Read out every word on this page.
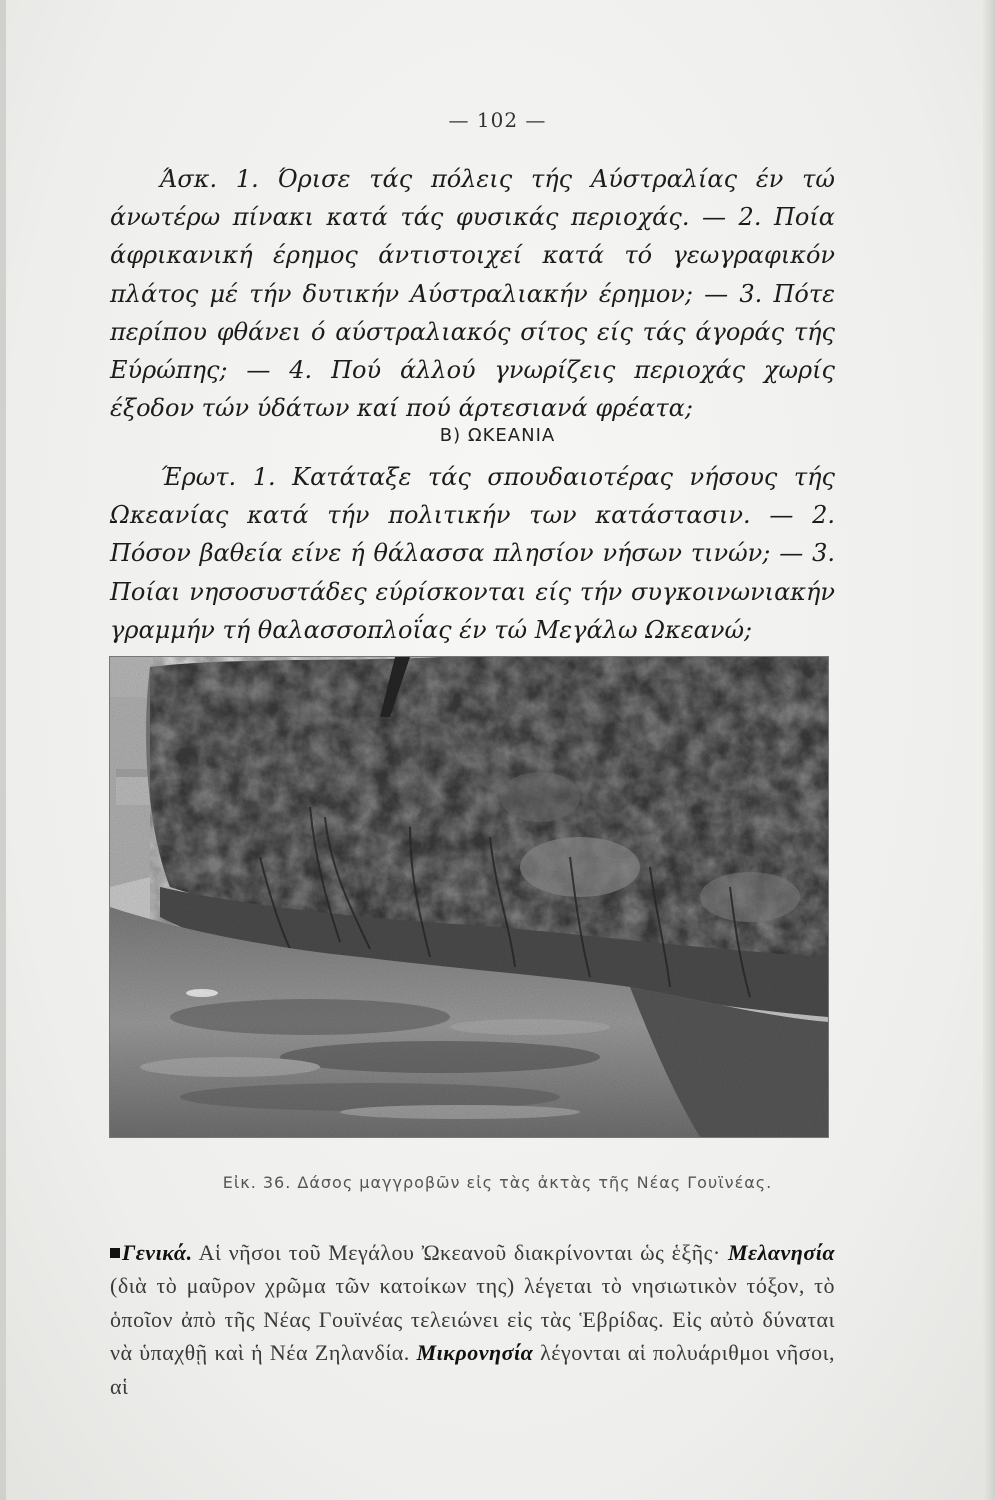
— 102 —

Άσκ. 1. Όρισε τάς πόλεις τής Αύστραλίας έν τώ άνωτέρω πίνακι κατά τάς φυσικάς περιοχάς. — 2. Ποία άφρικανική έρημος άντιστοιχεί κατά τό γεωγραφικόν πλάτος μέ τήν δυτικήν Αύστραλιακήν έρημον; — 3. Πότε περίπου φθάνει ό αύστραλιακός σίτος είς τάς άγοράς τής Εύρώπης; — 4. Πού άλλού γνωρίζεις περιοχάς χωρίς έξοδον τών ύδάτων καί πού άρτεσιανά φρέατα;

Β) ΩΚΕΑΝΙΑ

Έρωτ. 1. Κατάταξε τάς σπουδαιοτέρας νήσους τής Ωκεανίας κατά τήν πολιτικήν των κατάστασιν. — 2. Πόσον βαθεία είνε ή θάλασσα πλησίον νήσων τινών; — 3. Ποίαι νησοσυστάδες εύρίσκονται είς τήν συγκοινωνιακήν γραμμήν τή θαλασσοπλοΐας έν τώ Μεγάλω Ωκεανώ;

Εἰκ. 36. Δάσος μαγγροβῶν εἰς τὰς ἀκτὰς τῆς Νέας Γουϊνέας.

Γενικά. Αἱ νῆσοι τοῦ Μεγάλου Ὠκεανοῦ διακρίνονται ὡς ἑξῆς· Μελανησία (διὰ τὸ μαῦρον χρῶμα τῶν κατοίκων της) λέγεται τὸ νησιωτικὸν τόξον, τὸ ὁποῖον ἀπὸ τῆς Νέας Γουϊνέας τελειώνει εἰς τὰς Ἑβρίδας. Εἰς αὐτὸ δύναται νὰ ὑπαχθῇ καὶ ἡ Νέα Ζηλανδία. Μικρονησία λέγονται αἱ πολυάριθμοι νῆσοι, αἱ
